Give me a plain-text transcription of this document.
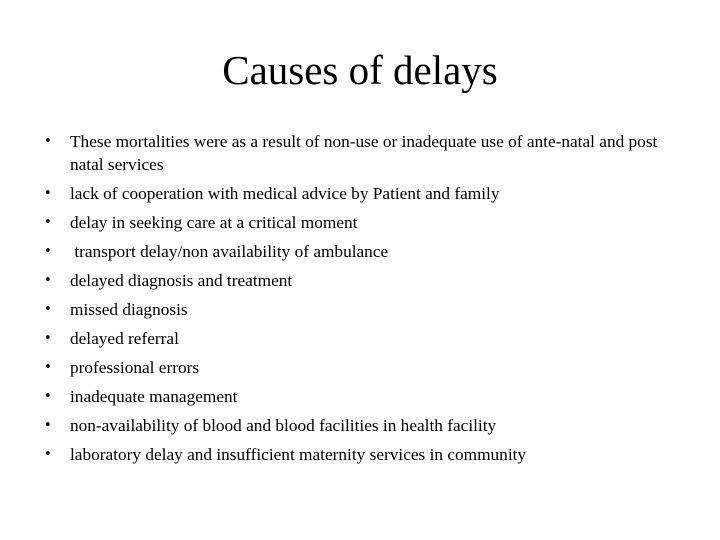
Causes of delays
•	These mortalities were as a result of non-use or inadequate use of ante-natal and post natal services
•	lack of cooperation with medical advice by Patient and family
•	delay in seeking care at a critical moment
•	transport delay/non availability of ambulance
•	delayed diagnosis and treatment
•	missed diagnosis
•	delayed referral
•	professional errors
•	inadequate management
•	non-availability of blood and blood facilities in health facility
•	laboratory delay and insufficient maternity services in community
